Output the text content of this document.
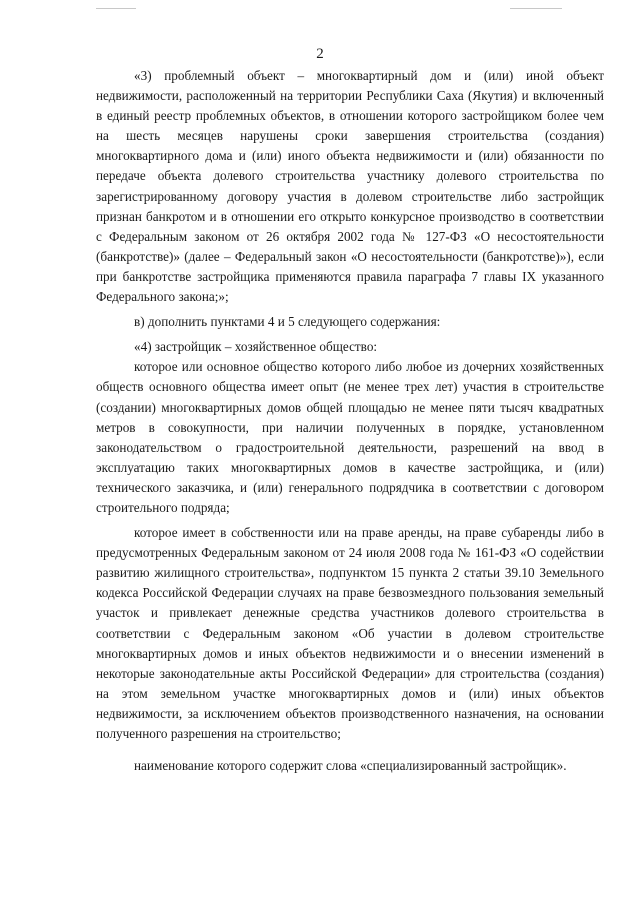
2

«3) проблемный объект – многоквартирный дом и (или) иной объект недвижимости, расположенный на территории Республики Саха (Якутия) и включенный в единый реестр проблемных объектов, в отношении которого застройщиком более чем на шесть месяцев нарушены сроки завершения строительства (создания) многоквартирного дома и (или) иного объекта недвижимости и (или) обязанности по передаче объекта долевого строительства участнику долевого строительства по зарегистрированному договору участия в долевом строительстве либо застройщик признан банкротом и в отношении его открыто конкурсное производство в соответствии с Федеральным законом от 26 октября 2002 года № 127-ФЗ «О несостоятельности (банкротстве)» (далее – Федеральный закон «О несостоятельности (банкротстве)»), если при банкротстве застройщика применяются правила параграфа 7 главы IX указанного Федерального закона;»;

в) дополнить пунктами 4 и 5 следующего содержания:

«4) застройщик – хозяйственное общество:

которое или основное общество которого либо любое из дочерних хозяйственных обществ основного общества имеет опыт (не менее трех лет) участия в строительстве (создании) многоквартирных домов общей площадью не менее пяти тысяч квадратных метров в совокупности, при наличии полученных в порядке, установленном законодательством о градостроительной деятельности, разрешений на ввод в эксплуатацию таких многоквартирных домов в качестве застройщика, и (или) технического заказчика, и (или) генерального подрядчика в соответствии с договором строительного подряда;

которое имеет в собственности или на праве аренды, на праве субаренды либо в предусмотренных Федеральным законом от 24 июля 2008 года № 161-ФЗ «О содействии развитию жилищного строительства», подпунктом 15 пункта 2 статьи 39.10 Земельного кодекса Российской Федерации случаях на праве безвозмездного пользования земельный участок и привлекает денежные средства участников долевого строительства в соответствии с Федеральным законом «Об участии в долевом строительстве многоквартирных домов и иных объектов недвижимости и о внесении изменений в некоторые законодательные акты Российской Федерации» для строительства (создания) на этом земельном участке многоквартирных домов и (или) иных объектов недвижимости, за исключением объектов производственного назначения, на основании полученного разрешения на строительство;

наименование которого содержит слова «специализированный застройщик».
